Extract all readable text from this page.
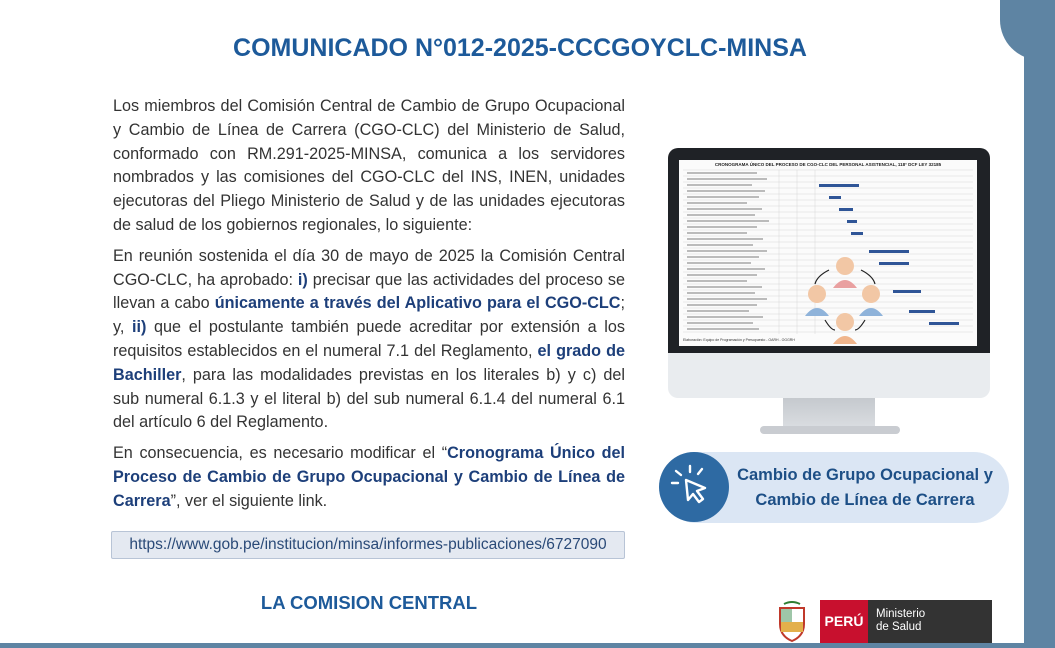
COMUNICADO N°012-2025-CCCGOYCLC-MINSA

Los miembros del Comisión Central de Cambio de Grupo Ocupacional y Cambio de Línea de Carrera (CGO-CLC) del Ministerio de Salud, conformado con RM.291-2025-MINSA, comunica a los servidores nombrados y las comisiones del CGO-CLC del INS, INEN, unidades ejecutoras del Pliego Ministerio de Salud y de las unidades ejecutoras de salud de los gobiernos regionales, lo siguiente:

En reunión sostenida el día 30 de mayo de 2025 la Comisión Central CGO-CLC, ha aprobado: i) precisar que las actividades del proceso se llevan a cabo únicamente a través del Aplicativo para el CGO-CLC; y, ii) que el postulante también puede acreditar por extensión a los requisitos establecidos en el numeral 7.1 del Reglamento, el grado de Bachiller, para las modalidades previstas en los literales b) y c) del sub numeral 6.1.3 y el literal b) del sub numeral 6.1.4 del numeral 6.1 del artículo 6 del Reglamento.

En consecuencia, es necesario modificar el “Cronograma Único del Proceso de Cambio de Grupo Ocupacional y Cambio de Línea de Carrera”, ver el siguiente link.

https://www.gob.pe/institucion/minsa/informes-publicaciones/6727090
LA COMISION CENTRAL
CRONOGRAMA ÚNICO DEL PROCESO DE CGO-CLC DEL PERSONAL ASISTENCIAL, 118° DCF LEY 32185
Elaboración: Equipo de Programación y Presupuesto - OARH - OGGRH
Cambio de Grupo Ocupacional y
Cambio de Línea de Carrera
PERÚ	Ministerio
de Salud
